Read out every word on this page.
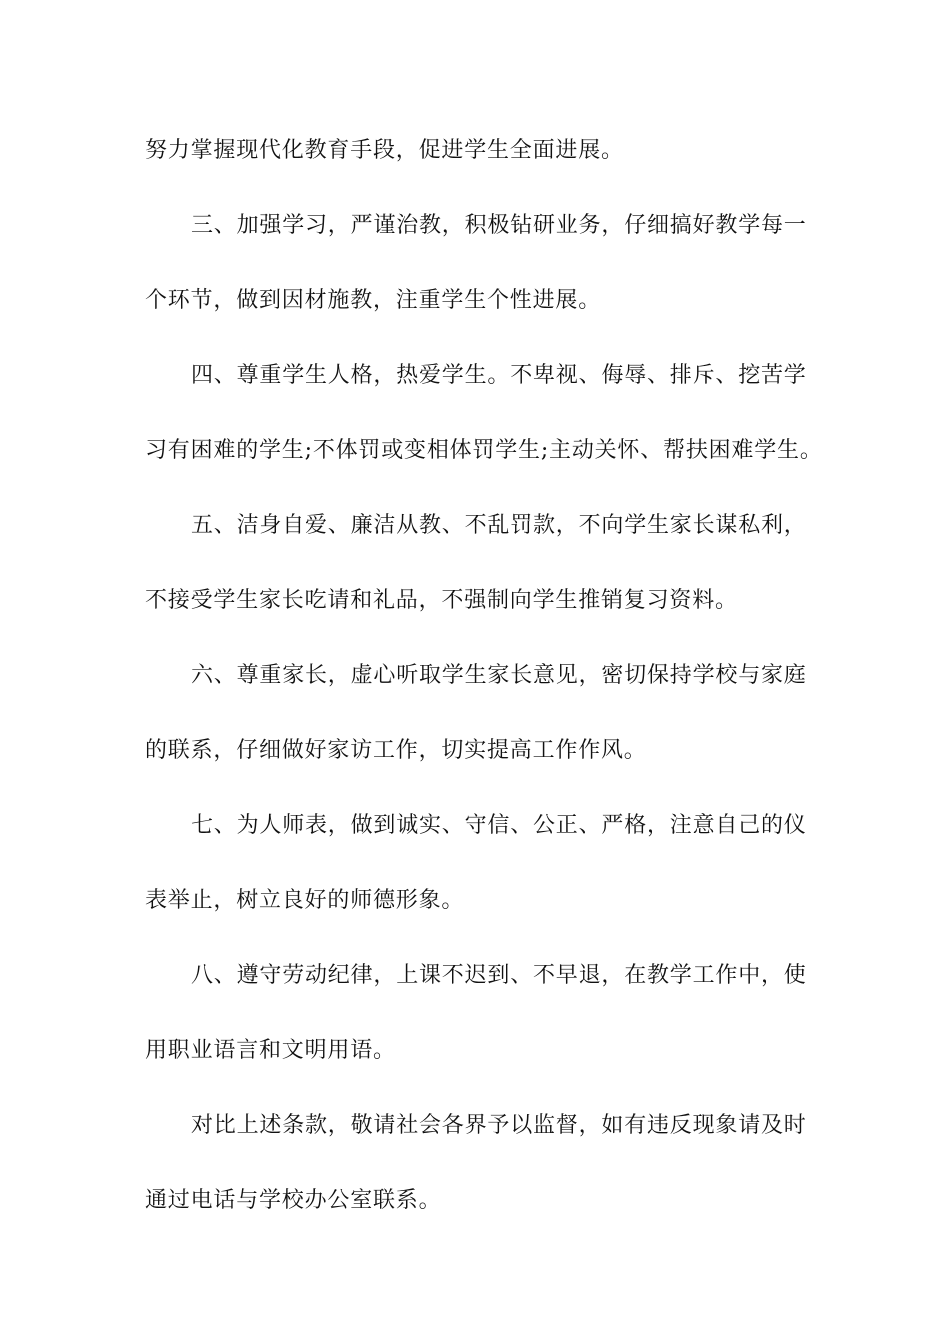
努力掌握现代化教育手段，促进学生全面进展。
三、加强学习，严谨治教，积极钻研业务，仔细搞好教学每一
个环节，做到因材施教，注重学生个性进展。
四、尊重学生人格，热爱学生。不卑视、侮辱、排斥、挖苦学
习有困难的学生;不体罚或变相体罚学生;主动关怀、帮扶困难学生。
五、洁身自爱、廉洁从教、不乱罚款，不向学生家长谋私利，
不接受学生家长吃请和礼品，不强制向学生推销复习资料。
六、尊重家长，虚心听取学生家长意见，密切保持学校与家庭
的联系，仔细做好家访工作，切实提高工作作风。
七、为人师表，做到诚实、守信、公正、严格，注意自己的仪
表举止，树立良好的师德形象。
八、遵守劳动纪律，上课不迟到、不早退，在教学工作中，使
用职业语言和文明用语。
对比上述条款，敬请社会各界予以监督，如有违反现象请及时
通过电话与学校办公室联系。
